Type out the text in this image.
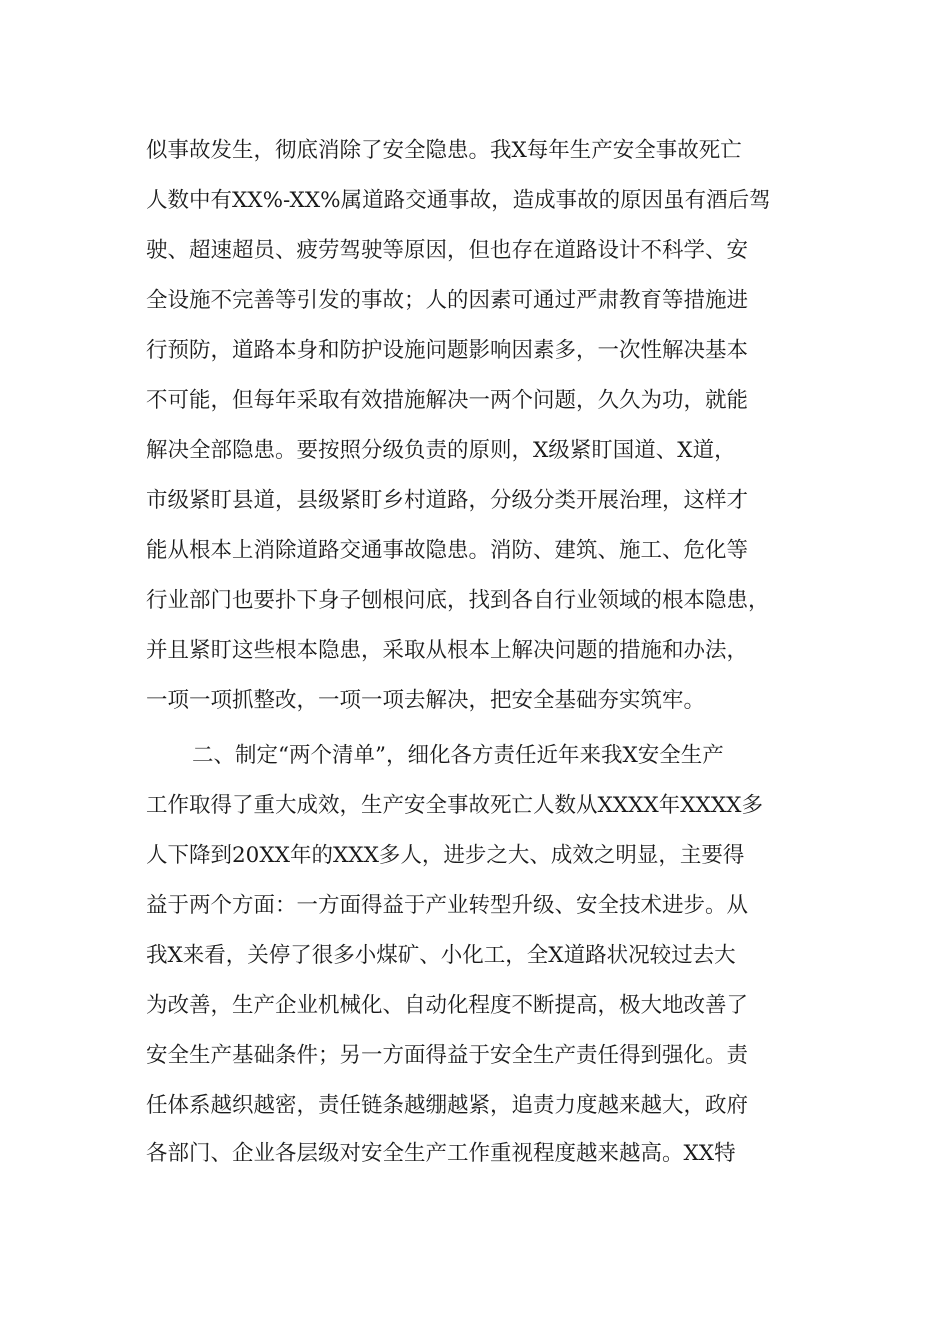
似事故发生，彻底消除了安全隐患。我X每年生产安全事故死亡
人数中有XX%-XX%属道路交通事故，造成事故的原因虽有酒后驾
驶、超速超员、疲劳驾驶等原因，但也存在道路设计不科学、安
全设施不完善等引发的事故；人的因素可通过严肃教育等措施进
行预防，道路本身和防护设施问题影响因素多，一次性解决基本
不可能，但每年采取有效措施解决一两个问题，久久为功，就能
解决全部隐患。要按照分级负责的原则，X级紧盯国道、X道，
市级紧盯县道，县级紧盯乡村道路，分级分类开展治理，这样才
能从根本上消除道路交通事故隐患。消防、建筑、施工、危化等
行业部门也要扑下身子刨根问底，找到各自行业领域的根本隐患，
并且紧盯这些根本隐患，采取从根本上解决问题的措施和办法，
一项一项抓整改，一项一项去解决，把安全基础夯实筑牢。
二、制定“两个清单”，细化各方责任近年来我X安全生产
工作取得了重大成效，生产安全事故死亡人数从XXXX年XXXX多
人下降到20XX年的XXX多人，进步之大、成效之明显，主要得
益于两个方面：一方面得益于产业转型升级、安全技术进步。从
我X来看，关停了很多小煤矿、小化工，全X道路状况较过去大
为改善，生产企业机械化、自动化程度不断提高，极大地改善了
安全生产基础条件；另一方面得益于安全生产责任得到强化。责
任体系越织越密，责任链条越绷越紧，追责力度越来越大，政府
各部门、企业各层级对安全生产工作重视程度越来越高。XX特
